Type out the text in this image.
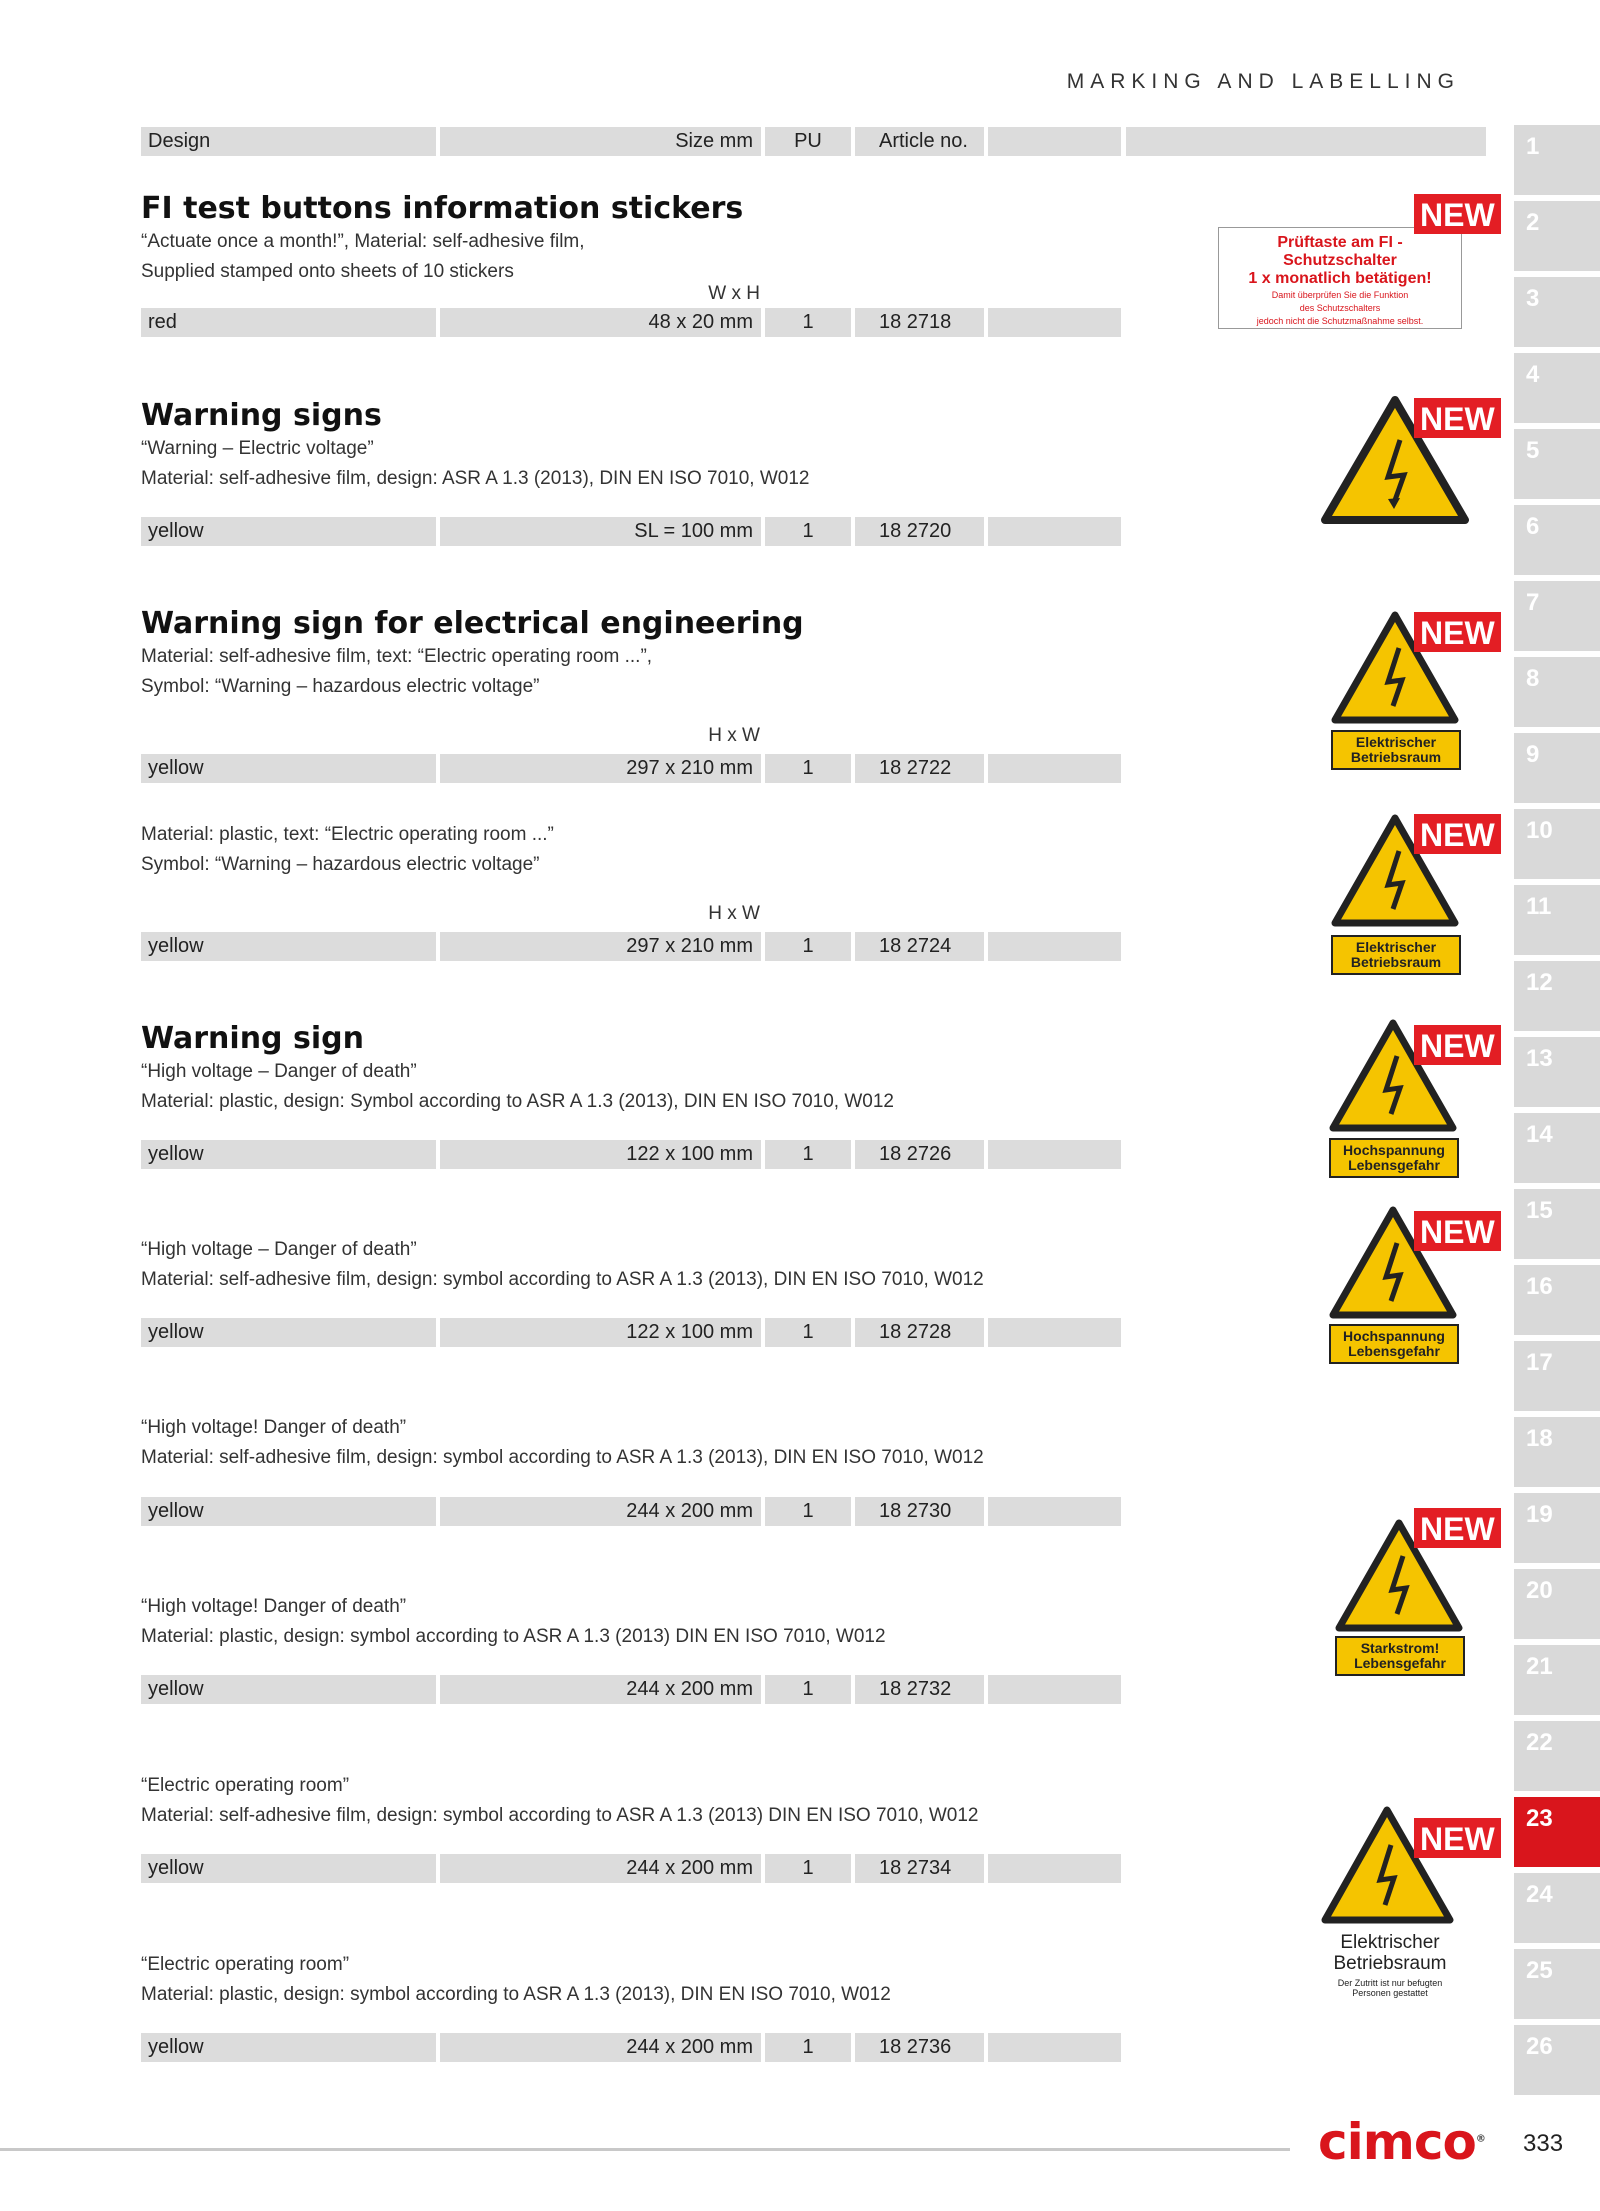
MARKING AND LABELLING
Design	Size mm	PU	Article no.
FI test buttons information stickers
“Actuate once a month!”, Material: self-adhesive film,
Supplied stamped onto sheets of 10 stickers
W x H
red	48 x 20 mm	1	18 2718
Warning signs
“Warning – Electric voltage”
Material: self-adhesive film, design: ASR A 1.3 (2013), DIN EN ISO 7010, W012
yellow	SL = 100 mm	1	18 2720
Warning sign for electrical engineering
Material: self-adhesive film, text: “Electric operating room ...”,
Symbol: “Warning – hazardous electric voltage”
H x W
yellow	297 x 210 mm	1	18 2722
Material: plastic, text: “Electric operating room ...”
Symbol: “Warning – hazardous electric voltage”
H x W
yellow	297 x 210 mm	1	18 2724
Warning sign
“High voltage – Danger of death”
Material: plastic, design: Symbol according to ASR A 1.3 (2013), DIN EN ISO 7010, W012
yellow	122 x 100 mm	1	18 2726
“High voltage – Danger of death”
Material: self-adhesive film, design: symbol according to ASR A 1.3 (2013), DIN EN ISO 7010, W012
yellow	122 x 100 mm	1	18 2728
“High voltage! Danger of death”
Material: self-adhesive film, design: symbol according to ASR A 1.3 (2013), DIN EN ISO 7010, W012
yellow	244 x 200 mm	1	18 2730
“High voltage! Danger of death”
Material: plastic, design: symbol according to ASR A 1.3 (2013) DIN EN ISO 7010, W012
yellow	244 x 200 mm	1	18 2732
“Electric operating room”
Material: self-adhesive film, design: symbol according to ASR A 1.3 (2013) DIN EN ISO 7010, W012
yellow	244 x 200 mm	1	18 2734
“Electric operating room”
Material: plastic, design: symbol according to ASR A 1.3 (2013), DIN EN ISO 7010, W012
yellow	244 x 200 mm	1	18 2736
Prüftaste am FI - Schutzschalter
1 x monatlich betätigen!
Damit überprüfen Sie die Funktion
des Schutzschalters
jedoch nicht die Schutzmaßnahme selbst.
NEW
NEW
Elektrischer Betriebsraum
NEW
Elektrischer Betriebsraum
NEW
Hochspannung Lebensgefahr
NEW
Hochspannung Lebensgefahr
NEW
Starkstrom! Lebensgefahr
NEW
Elektrischer
Betriebsraum
Der Zutritt ist nur befugten
Personen gestattet
NEW
1
2
3
4
5
6
7
8
9
10
11
12
13
14
15
16
17
18
19
20
21
22
23
24
25
26
cimco® 333
